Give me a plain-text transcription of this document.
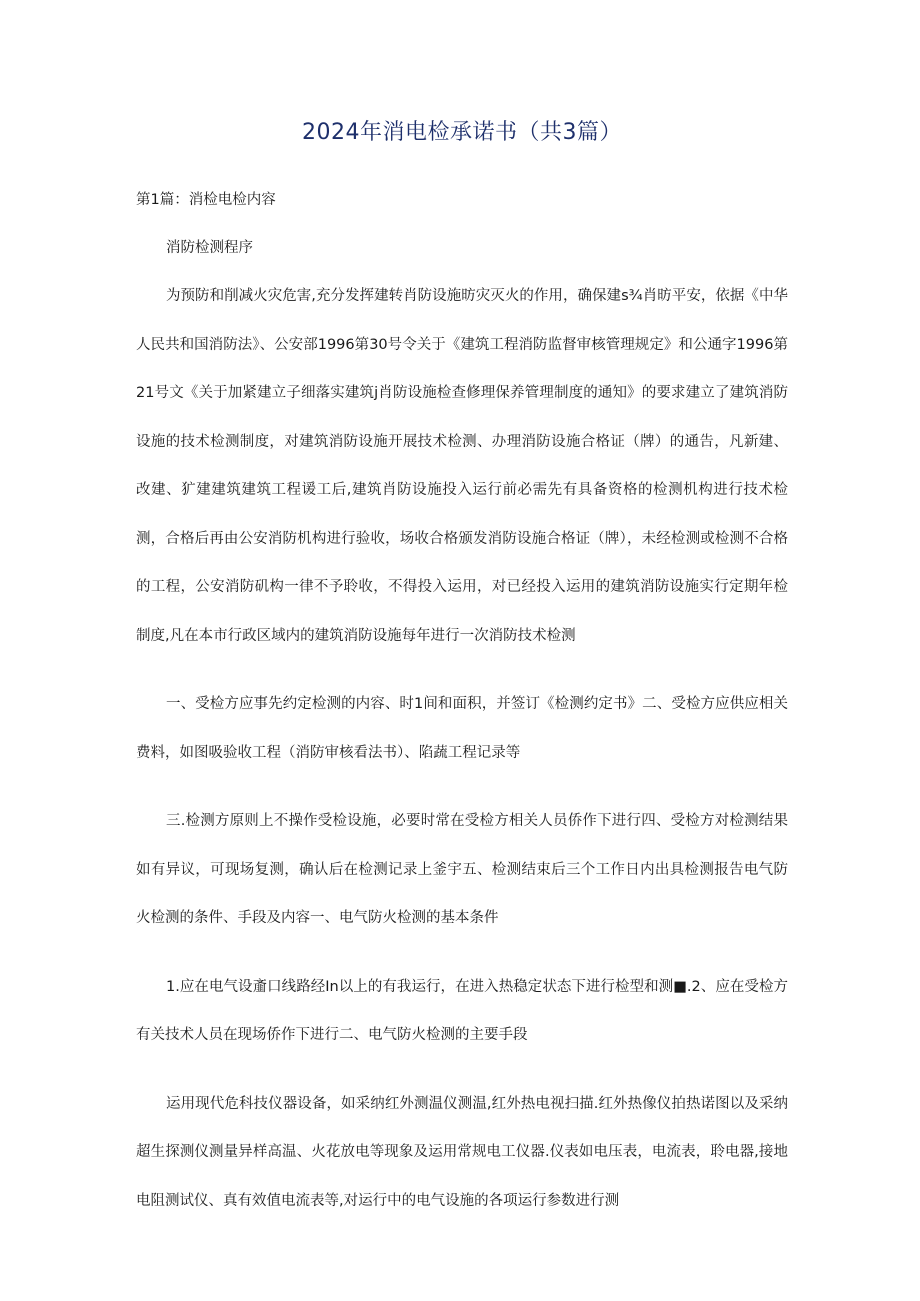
2024年消电检承诺书（共3篇）

第1篇：消检电检内容

消防检测程序

为预防和削减火灾危害,充分发挥建转肖防设施昉灾灭火的作用，确保建s¾肖昉平安，依据《中华人民共和国消防法》、公安部1996第30号令关于《建筑工程消防监督审核管理规定》和公通字1996第21号文《关于加紧建立子细落实建筑j肖防设施检查修理保养管理制度的通知》的要求建立了建筑消防设施的技术检测制度，对建筑消防设施开展技术检测、办理消防设施合格证（牌）的通告，凡新建、改建、犷建建筑建筑工程谖工后,建筑肖防设施投入运行前必需先有具备资格的检测机构进行技术检测，合格后再由公安消防机构进行验收，场收合格颁发消防设施合格证（牌），未经检测或检测不合格的工程，公安消防矶构一律不予聆收，不得投入运用，对已经投入运用的建筑消防设施实行定期年检制度,凡在本市行政区域内的建筑消防设施每年进行一次消防技术检测

一、受检方应事先约定检测的内容、时1间和面积，并签订《检测约定书》二、受检方应供应相关费料，如图吸验收工程（消防审核看法书）、陷蔬工程记录等

三.检测方原则上不操作受检设施，必要时常在受检方相关人员侨作下进行四、受检方对检测结果如有异议，可现场复测，确认后在检测记录上釜宇五、检测结束后三个工作日内出具检测报告电气防火检测的条件、手段及内容一、电气防火检测的基本条件

1.应在电气设齑口线路经In以上的有我运行，在进入热稳定状态下进行检型和测■.2、应在受检方有关技术人员在现场侨作下进行二、电气防火检测的主要手段

运用现代危科技仪器设备，如采纳红外测温仪测温,红外热电视扫描.红外热像仪拍热诺图以及采纳超生探测仪测量异样高温、火花放电等现象及运用常规电工仪器.仪表如电压表，电流表，聆电器,接地电阻测试仪、真有效值电流表等,对运行中的电气设施的各项运行参数进行测
